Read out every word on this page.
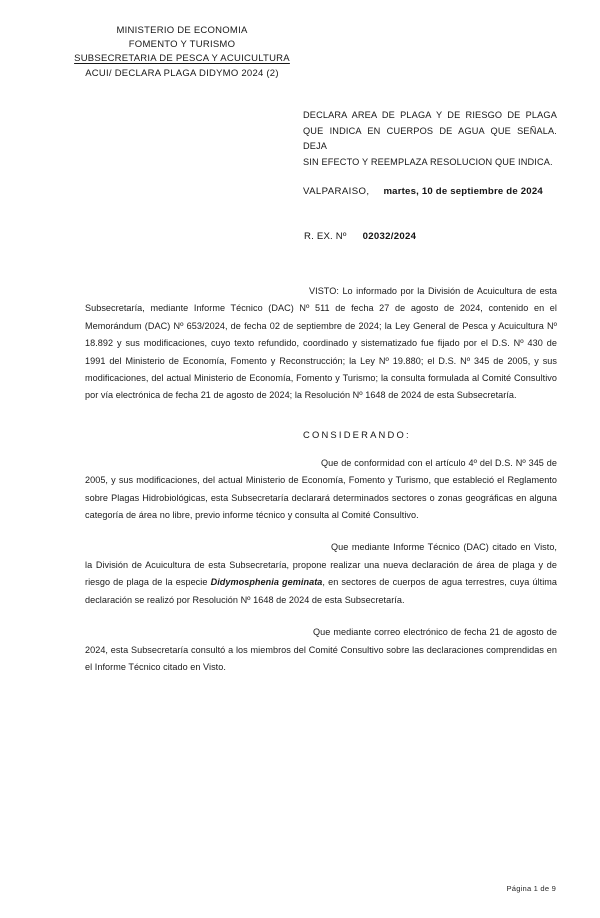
MINISTERIO DE ECONOMIA
FOMENTO Y TURISMO
SUBSECRETARIA DE PESCA Y ACUICULTURA
ACUI/ DECLARA PLAGA DIDYMO 2024 (2)
DECLARA AREA DE PLAGA Y DE RIESGO DE PLAGA
QUE INDICA EN CUERPOS DE AGUA QUE SEÑALA. DEJA
SIN EFECTO Y REEMPLAZA RESOLUCION QUE INDICA.
VALPARAISO, martes, 10 de septiembre de 2024
R. EX. Nº 02032/2024

VISTO: Lo informado por la División de Acuicultura de esta Subsecretaría, mediante Informe Técnico (DAC) Nº 511 de fecha 27 de agosto de 2024, contenido en el Memorándum (DAC) Nº 653/2024, de fecha 02 de septiembre de 2024; la Ley General de Pesca y Acuicultura Nº 18.892 y sus modificaciones, cuyo texto refundido, coordinado y sistematizado fue fijado por el D.S. Nº 430 de 1991 del Ministerio de Economía, Fomento y Reconstrucción; la Ley Nº 19.880; el D.S. Nº 345 de 2005, y sus modificaciones, del actual Ministerio de Economía, Fomento y Turismo; la consulta formulada al Comité Consultivo por vía electrónica de fecha 21 de agosto de 2024; la Resolución Nº 1648 de 2024 de esta Subsecretaría.

CONSIDERANDO:

Que de conformidad con el artículo 4º del D.S. Nº 345 de 2005, y sus modificaciones, del actual Ministerio de Economía, Fomento y Turismo, que estableció el Reglamento sobre Plagas Hidrobiológicas, esta Subsecretaría declarará determinados sectores o zonas geográficas en alguna categoría de área no libre, previo informe técnico y consulta al Comité Consultivo.

Que mediante Informe Técnico (DAC) citado en Visto, la División de Acuicultura de esta Subsecretaría, propone realizar una nueva declaración de área de plaga y de riesgo de plaga de la especie Didymosphenia geminata, en sectores de cuerpos de agua terrestres, cuya última declaración se realizó por Resolución Nº 1648 de 2024 de esta Subsecretaría.

Que mediante correo electrónico de fecha 21 de agosto de 2024, esta Subsecretaría consultó a los miembros del Comité Consultivo sobre las declaraciones comprendidas en el Informe Técnico citado en Visto.

Página 1 de 9
